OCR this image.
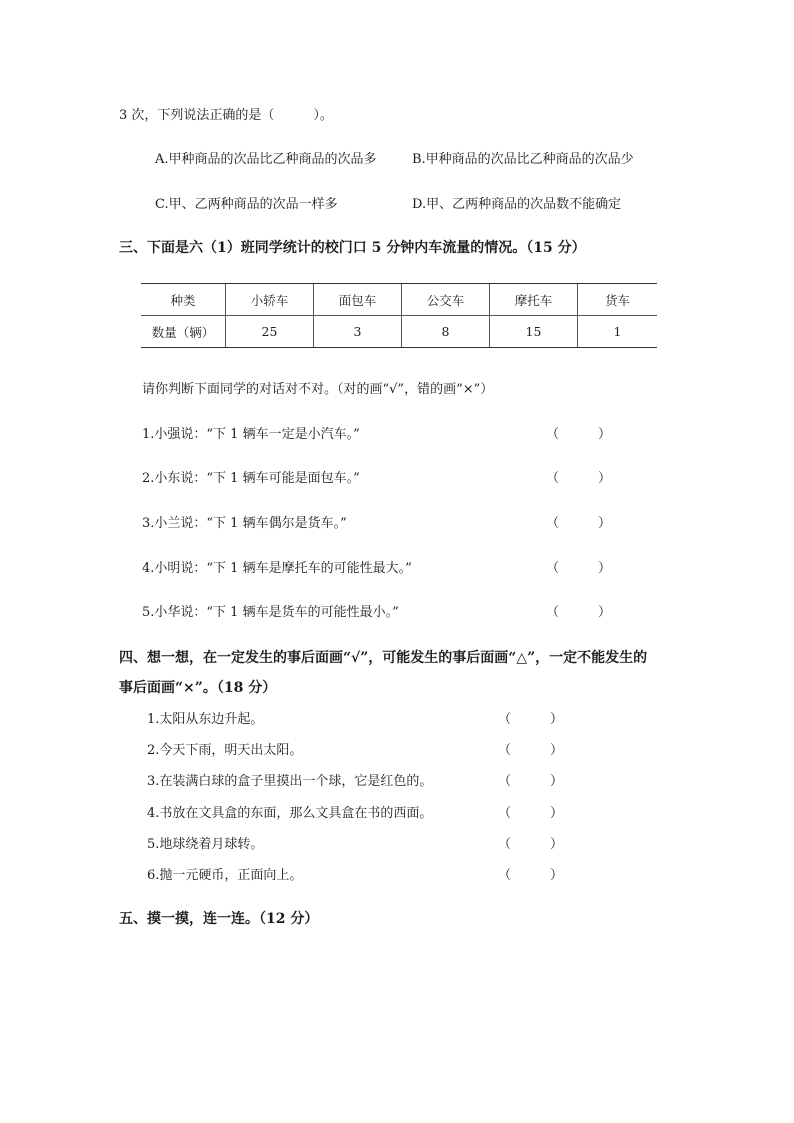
3 次，下列说法正确的是（　　　）。
A.甲种商品的次品比乙种商品的次品多	B.甲种商品的次品比乙种商品的次品少
C.甲、乙两种商品的次品一样多	D.甲、乙两种商品的次品数不能确定
三、下面是六（1）班同学统计的校门口 5 分钟内车流量的情况。（15 分）
种类	小轿车	面包车	公交车	摩托车	货车
数量（辆）	25	3	8	15	1
请你判断下面同学的对话对不对。（对的画“√”，错的画“×”）
1.小强说：“下 1 辆车一定是小汽车。”	（　　　）
2.小东说：“下 1 辆车可能是面包车。”	（　　　）
3.小兰说：“下 1 辆车偶尔是货车。”	（　　　）
4.小明说：“下 1 辆车是摩托车的可能性最大。”	（　　　）
5.小华说：“下 1 辆车是货车的可能性最小。”	（　　　）
四、想一想，在一定发生的事后面画“√”，可能发生的事后面画“△”，一定不能发生的
事后面画“×”。（18 分）
1.太阳从东边升起。	（　　　）
2.今天下雨，明天出太阳。	（　　　）
3.在装满白球的盒子里摸出一个球，它是红色的。	（　　　）
4.书放在文具盒的东面，那么文具盒在书的西面。	（　　　）
5.地球绕着月球转。	（　　　）
6.抛一元硬币，正面向上。	（　　　）
五、摸一摸，连一连。（12 分）
